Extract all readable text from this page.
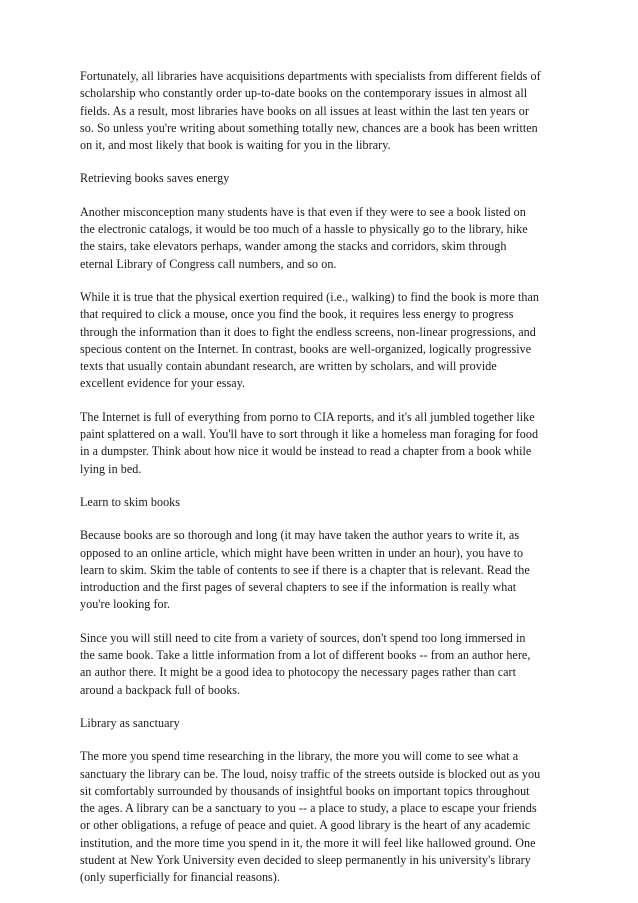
Fortunately, all libraries have acquisitions departments with specialists from different fields of
scholarship who constantly order up-to-date books on the contemporary issues in almost all
fields. As a result, most libraries have books on all issues at least within the last ten years or
so. So unless you're writing about something totally new, chances are a book has been written
on it, and most likely that book is waiting for you in the library.

Retrieving books saves energy

Another misconception many students have is that even if they were to see a book listed on
the electronic catalogs, it would be too much of a hassle to physically go to the library, hike
the stairs, take elevators perhaps, wander among the stacks and corridors, skim through
eternal Library of Congress call numbers, and so on.

While it is true that the physical exertion required (i.e., walking) to find the book is more than
that required to click a mouse, once you find the book, it requires less energy to progress
through the information than it does to fight the endless screens, non-linear progressions, and
specious content on the Internet. In contrast, books are well-organized, logically progressive
texts that usually contain abundant research, are written by scholars, and will provide
excellent evidence for your essay.

The Internet is full of everything from porno to CIA reports, and it's all jumbled together like
paint splattered on a wall. You'll have to sort through it like a homeless man foraging for food
in a dumpster. Think about how nice it would be instead to read a chapter from a book while
lying in bed.

Learn to skim books

Because books are so thorough and long (it may have taken the author years to write it, as
opposed to an online article, which might have been written in under an hour), you have to
learn to skim. Skim the table of contents to see if there is a chapter that is relevant. Read the
introduction and the first pages of several chapters to see if the information is really what
you're looking for.

Since you will still need to cite from a variety of sources, don't spend too long immersed in
the same book. Take a little information from a lot of different books -- from an author here,
an author there. It might be a good idea to photocopy the necessary pages rather than cart
around a backpack full of books.

Library as sanctuary

The more you spend time researching in the library, the more you will come to see what a
sanctuary the library can be. The loud, noisy traffic of the streets outside is blocked out as you
sit comfortably surrounded by thousands of insightful books on important topics throughout
the ages. A library can be a sanctuary to you -- a place to study, a place to escape your friends
or other obligations, a refuge of peace and quiet. A good library is the heart of any academic
institution, and the more time you spend in it, the more it will feel like hallowed ground. One
student at New York University even decided to sleep permanently in his university's library
(only superficially for financial reasons).
